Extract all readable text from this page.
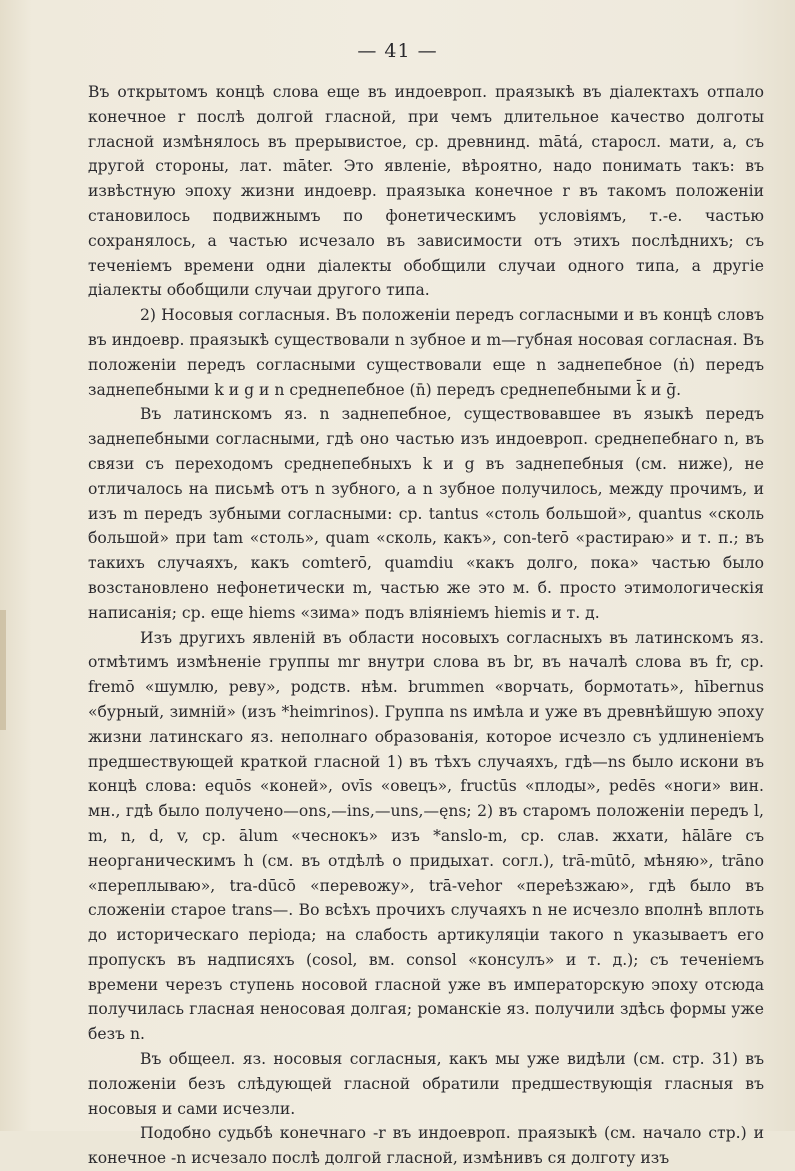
— 41 —

Въ открытомъ концѣ слова еще въ индоевроп. праязыкѣ въ діалектахъ отпало конечное r послѣ долгой гласной, при чемъ длительное качество долготы гласной измѣнялось въ прерывистое, ср. древнинд. mātá, старосл. мати, а, съ другой стороны, лат. māter. Это явленіе, вѣроятно, надо понимать такъ: въ извѣстную эпоху жизни индоевр. праязыка конечное r въ такомъ положеніи становилось подвижнымъ по фонетическимъ условіямъ, т.-е. частью сохранялось, а частью исчезало въ зависимости отъ этихъ послѣднихъ; съ теченіемъ времени одни діалекты обобщили случаи одного типа, а другіе діалекты обобщили случаи другого типа.

2) Носовыя согласныя. Въ положеніи передъ согласными и въ концѣ словъ въ индоевр. праязыкѣ существовали n зубное и m—губная носовая согласная. Въ положеніи передъ согласными существовали еще n заднепебное (ṅ) передъ заднепебными k и g и n среднепебное (n̄) передъ среднепебными k̄ и ḡ.

Въ латинскомъ яз. n заднепебное, существовавшее въ языкѣ передъ заднепебными согласными, гдѣ оно частью изъ индоевроп. среднепебнаго n, въ связи съ переходомъ среднепебныхъ k и g въ заднепебныя (см. ниже), не отличалось на письмѣ отъ n зубного, а n зубное получилось, между прочимъ, и изъ m передъ зубными согласными: ср. tantus «столь большой», quantus «сколь большой» при tam «столь», quam «сколь, какъ», con-terō «растираю» и т. п.; въ такихъ случаяхъ, какъ comterō, quamdiu «какъ долго, пока» частью было возстановлено нефонетически m, частью же это м. б. просто этимологическія написанія; ср. еще hiems «зима» подъ вліяніемъ hiemis и т. д.

Изъ другихъ явленій въ области носовыхъ согласныхъ въ латинскомъ яз. отмѣтимъ измѣненіе группы mr внутри слова въ br, въ началѣ слова въ fr, ср. fremō «шумлю, реву», родств. нѣм. brummen «ворчать, бормотать», hībernus «бурный, зимній» (изъ *heimrinos). Группа ns имѣла и уже въ древнѣйшую эпоху жизни латинскаго яз. неполнаго образованія, которое исчезло съ удлиненіемъ предшествующей краткой гласной 1) въ тѣхъ случаяхъ, гдѣ—ns было искони въ концѣ слова: equōs «коней», ovīs «овецъ», fructūs «плоды», pedēs «ноги» вин. мн., гдѣ было получено—ons,—ins,—uns,—ęns; 2) въ старомъ положеніи передъ l, m, n, d, v, ср. ālum «чеснокъ» изъ *anslo-m, ср. слав. жхати, hālāre съ неорганическимъ h (см. въ отдѣлѣ о придыхат. согл.), trā-mūtō, мѣняю», trāno «переплываю», tra-dūcō «перевожу», trā-vehor «переѣзжаю», гдѣ было въ сложеніи старое trans—. Во всѣхъ прочихъ случаяхъ n не исчезло вполнѣ вплоть до историческаго періода; на слабость артикуляціи такого n указываетъ его пропускъ въ надписяхъ (cosol, вм. consol «консулъ» и т. д.); съ теченіемъ времени черезъ ступень носовой гласной уже въ императорскую эпоху отсюда получилась гласная неносовая долгая; романскіе яз. получили здѣсь формы уже безъ n.

Въ общеел. яз. носовыя согласныя, какъ мы уже видѣли (см. стр. 31) въ положеніи безъ слѣдующей гласной обратили предшествующія гласныя въ носовыя и сами исчезли.

Подобно судьбѣ конечнаго -r въ индоевроп. праязыкѣ (см. начало стр.) и конечное -n исчезало послѣ долгой гласной, измѣнивъ ся долготу изъ
